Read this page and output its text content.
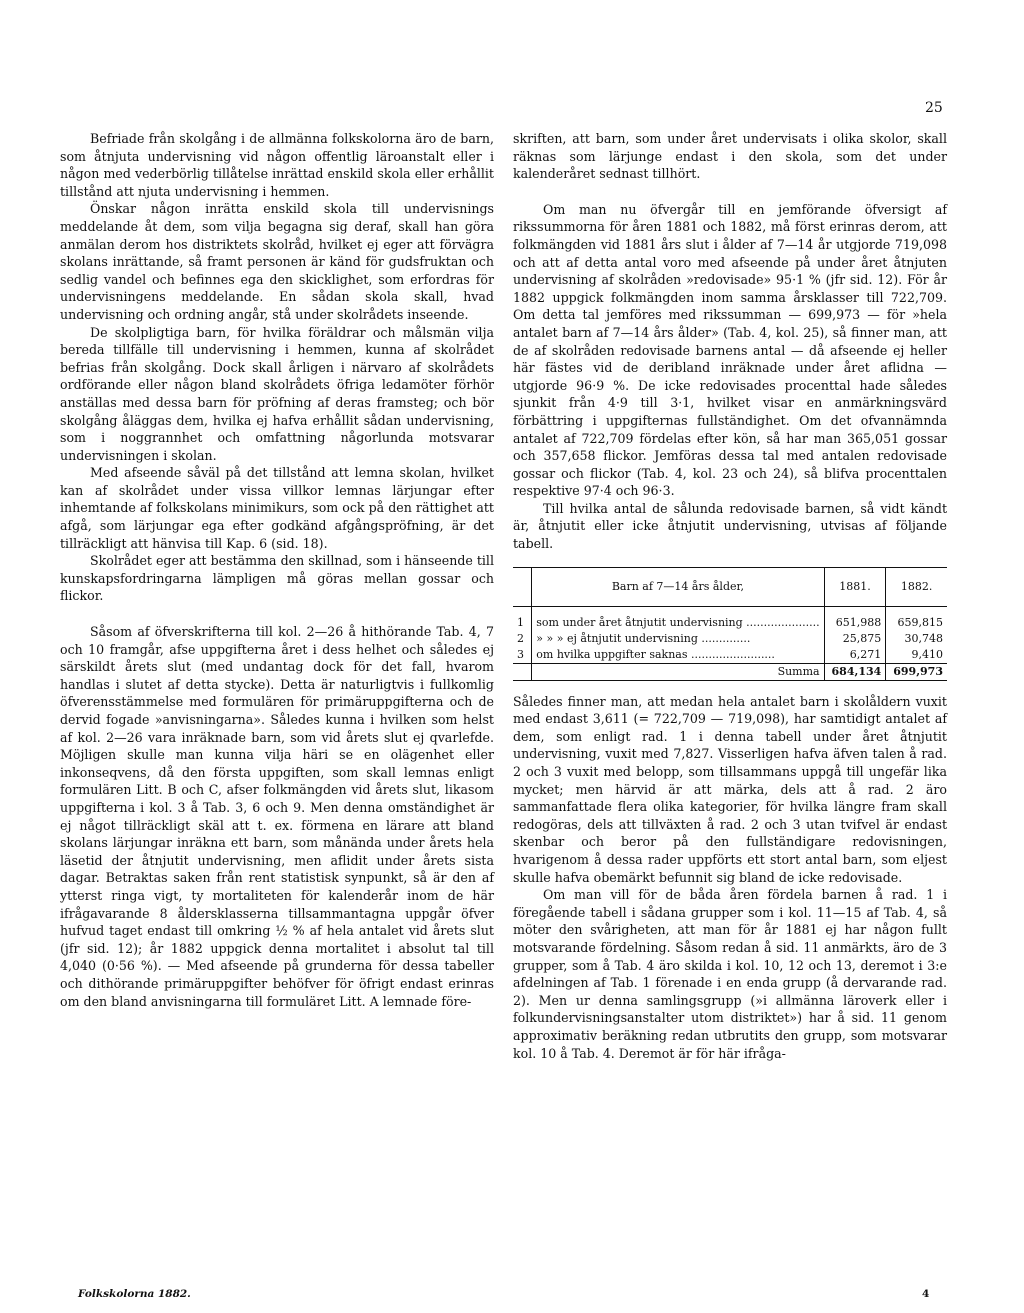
25

Befriade från skolgång i de allmänna folkskolorna äro de barn, som åtnjuta undervisning vid någon offentlig läroanstalt eller i någon med vederbörlig tillåtelse inrättad enskild skola eller erhållit tillstånd att njuta undervisning i hemmen.

Önskar någon inrätta enskild skola till undervisnings meddelande åt dem, som vilja begagna sig deraf, skall han göra anmälan derom hos distriktets skolråd, hvilket ej eger att förvägra skolans inrättande, så framt personen är känd för gudsfruktan och sedlig vandel och befinnes ega den skicklighet, som erfordras för undervisningens meddelande. En sådan skola skall, hvad undervisning och ordning angår, stå under skolrådets inseende.

De skolpligtiga barn, för hvilka föräldrar och målsmän vilja bereda tillfälle till undervisning i hemmen, kunna af skolrådet befrias från skolgång. Dock skall årligen i närvaro af skolrådets ordförande eller någon bland skolrådets öfriga ledamöter förhör anställas med dessa barn för pröfning af deras framsteg; och bör skolgång åläggas dem, hvilka ej hafva erhållit sådan undervisning, som i noggrannhet och omfattning någorlunda motsvarar undervisningen i skolan.

Med afseende såväl på det tillstånd att lemna skolan, hvilket kan af skolrådet under vissa villkor lemnas lärjungar efter inhemtande af folkskolans minimikurs, som ock på den rättighet att afgå, som lärjungar ega efter godkänd afgångspröfning, är det tillräckligt att hänvisa till Kap. 6 (sid. 18).

Skolrådet eger att bestämma den skillnad, som i hänseende till kunskapsfordringarna lämpligen må göras mellan gossar och flickor.

Såsom af öfverskrifterna till kol. 2—26 å hithörande Tab. 4, 7 och 10 framgår, afse uppgifterna året i dess helhet och således ej särskildt årets slut (med undantag dock för det fall, hvarom handlas i slutet af detta stycke). Detta är naturligtvis i fullkomlig öfverensstämmelse med formulären för primäruppgifterna och de dervid fogade »anvisningarna». Således kunna i hvilken som helst af kol. 2—26 vara inräknade barn, som vid årets slut ej qvarlefde. Möjligen skulle man kunna vilja häri se en olägenhet eller inkonseqvens, då den första uppgiften, som skall lemnas enligt formulären Litt. B och C, afser folkmängden vid årets slut, likasom uppgifterna i kol. 3 å Tab. 3, 6 och 9. Men denna omständighet är ej något tillräckligt skäl att t. ex. förmena en lärare att bland skolans lärjungar inräkna ett barn, som månända under årets hela läsetid der åtnjutit undervisning, men aflidit under årets sista dagar. Betraktas saken från rent statistisk synpunkt, så är den af ytterst ringa vigt, ty mortaliteten för kalenderår inom de här ifrågavarande 8 åldersklasserna tillsammantagna uppgår öfver hufvud taget endast till omkring ½ % af hela antalet vid årets slut (jfr sid. 12); år 1882 uppgick denna mortalitet i absolut tal till 4,040 (0·56 %). — Med afseende på grunderna för dessa tabeller och dithörande primäruppgifter behöfver för öfrigt endast erinras om den bland anvisningarna till formuläret Litt. A lemnade före-

skriften, att barn, som under året undervisats i olika skolor, skall räknas som lärjunge endast i den skola, som det under kalenderåret sednast tillhört.

Om man nu öfvergår till en jemförande öfversigt af rikssummorna för åren 1881 och 1882, må först erinras derom, att folkmängden vid 1881 års slut i ålder af 7—14 år utgjorde 719,098 och att af detta antal voro med afseende på under året åtnjuten undervisning af skolråden »redovisade» 95·1 % (jfr sid. 12). För år 1882 uppgick folkmängden inom samma årsklasser till 722,709. Om detta tal jemföres med rikssumman — 699,973 — för »hela antalet barn af 7—14 års ålder» (Tab. 4, kol. 25), så finner man, att de af skolråden redovisade barnens antal — då afseende ej heller här fästes vid de deribland inräknade under året aflidna — utgjorde 96·9 %. De icke redovisades procenttal hade således sjunkit från 4·9 till 3·1, hvilket visar en anmärkningsvärd förbättring i uppgifternas fullständighet. Om det ofvannämnda antalet af 722,709 fördelas efter kön, så har man 365,051 gossar och 357,658 flickor. Jemföras dessa tal med antalen redovisade gossar och flickor (Tab. 4, kol. 23 och 24), så blifva procenttalen respektive 97·4 och 96·3.

Till hvilka antal de sålunda redovisade barnen, så vidt kändt är, åtnjutit eller icke åtnjutit undervisning, utvisas af följande tabell.

	Barn af 7—14 års ålder,	1881.	1882.
1	som under året åtnjutit undervisning .....................	651,988	659,815
2	» » » ej åtnjutit undervisning ..............	25,875	30,748
3	om hvilka uppgifter saknas ........................	6,271	9,410
	Summa	684,134	699,973

Således finner man, att medan hela antalet barn i skolåldern vuxit med endast 3,611 (= 722,709 — 719,098), har samtidigt antalet af dem, som enligt rad. 1 i denna tabell under året åtnjutit undervisning, vuxit med 7,827. Visserligen hafva äfven talen å rad. 2 och 3 vuxit med belopp, som tillsammans uppgå till ungefär lika mycket; men härvid är att märka, dels att å rad. 2 äro sammanfattade flera olika kategorier, för hvilka längre fram skall redogöras, dels att tillväxten å rad. 2 och 3 utan tvifvel är endast skenbar och beror på den fullständigare redovisningen, hvarigenom å dessa rader uppförts ett stort antal barn, som eljest skulle hafva obemärkt befunnit sig bland de icke redovisade.

Om man vill för de båda åren fördela barnen å rad. 1 i föregående tabell i sådana grupper som i kol. 11—15 af Tab. 4, så möter den svårigheten, att man för år 1881 ej har någon fullt motsvarande fördelning. Såsom redan å sid. 11 anmärkts, äro de 3 grupper, som å Tab. 4 äro skilda i kol. 10, 12 och 13, deremot i 3:e afdelningen af Tab. 1 förenade i en enda grupp (å dervarande rad. 2). Men ur denna samlingsgrupp (»i allmänna läroverk eller i folkundervisningsanstalter utom distriktet») har å sid. 11 genom approximativ beräkning redan utbrutits den grupp, som motsvarar kol. 10 å Tab. 4. Deremot är för här ifråga-

Folkskolorna 1882.	4
